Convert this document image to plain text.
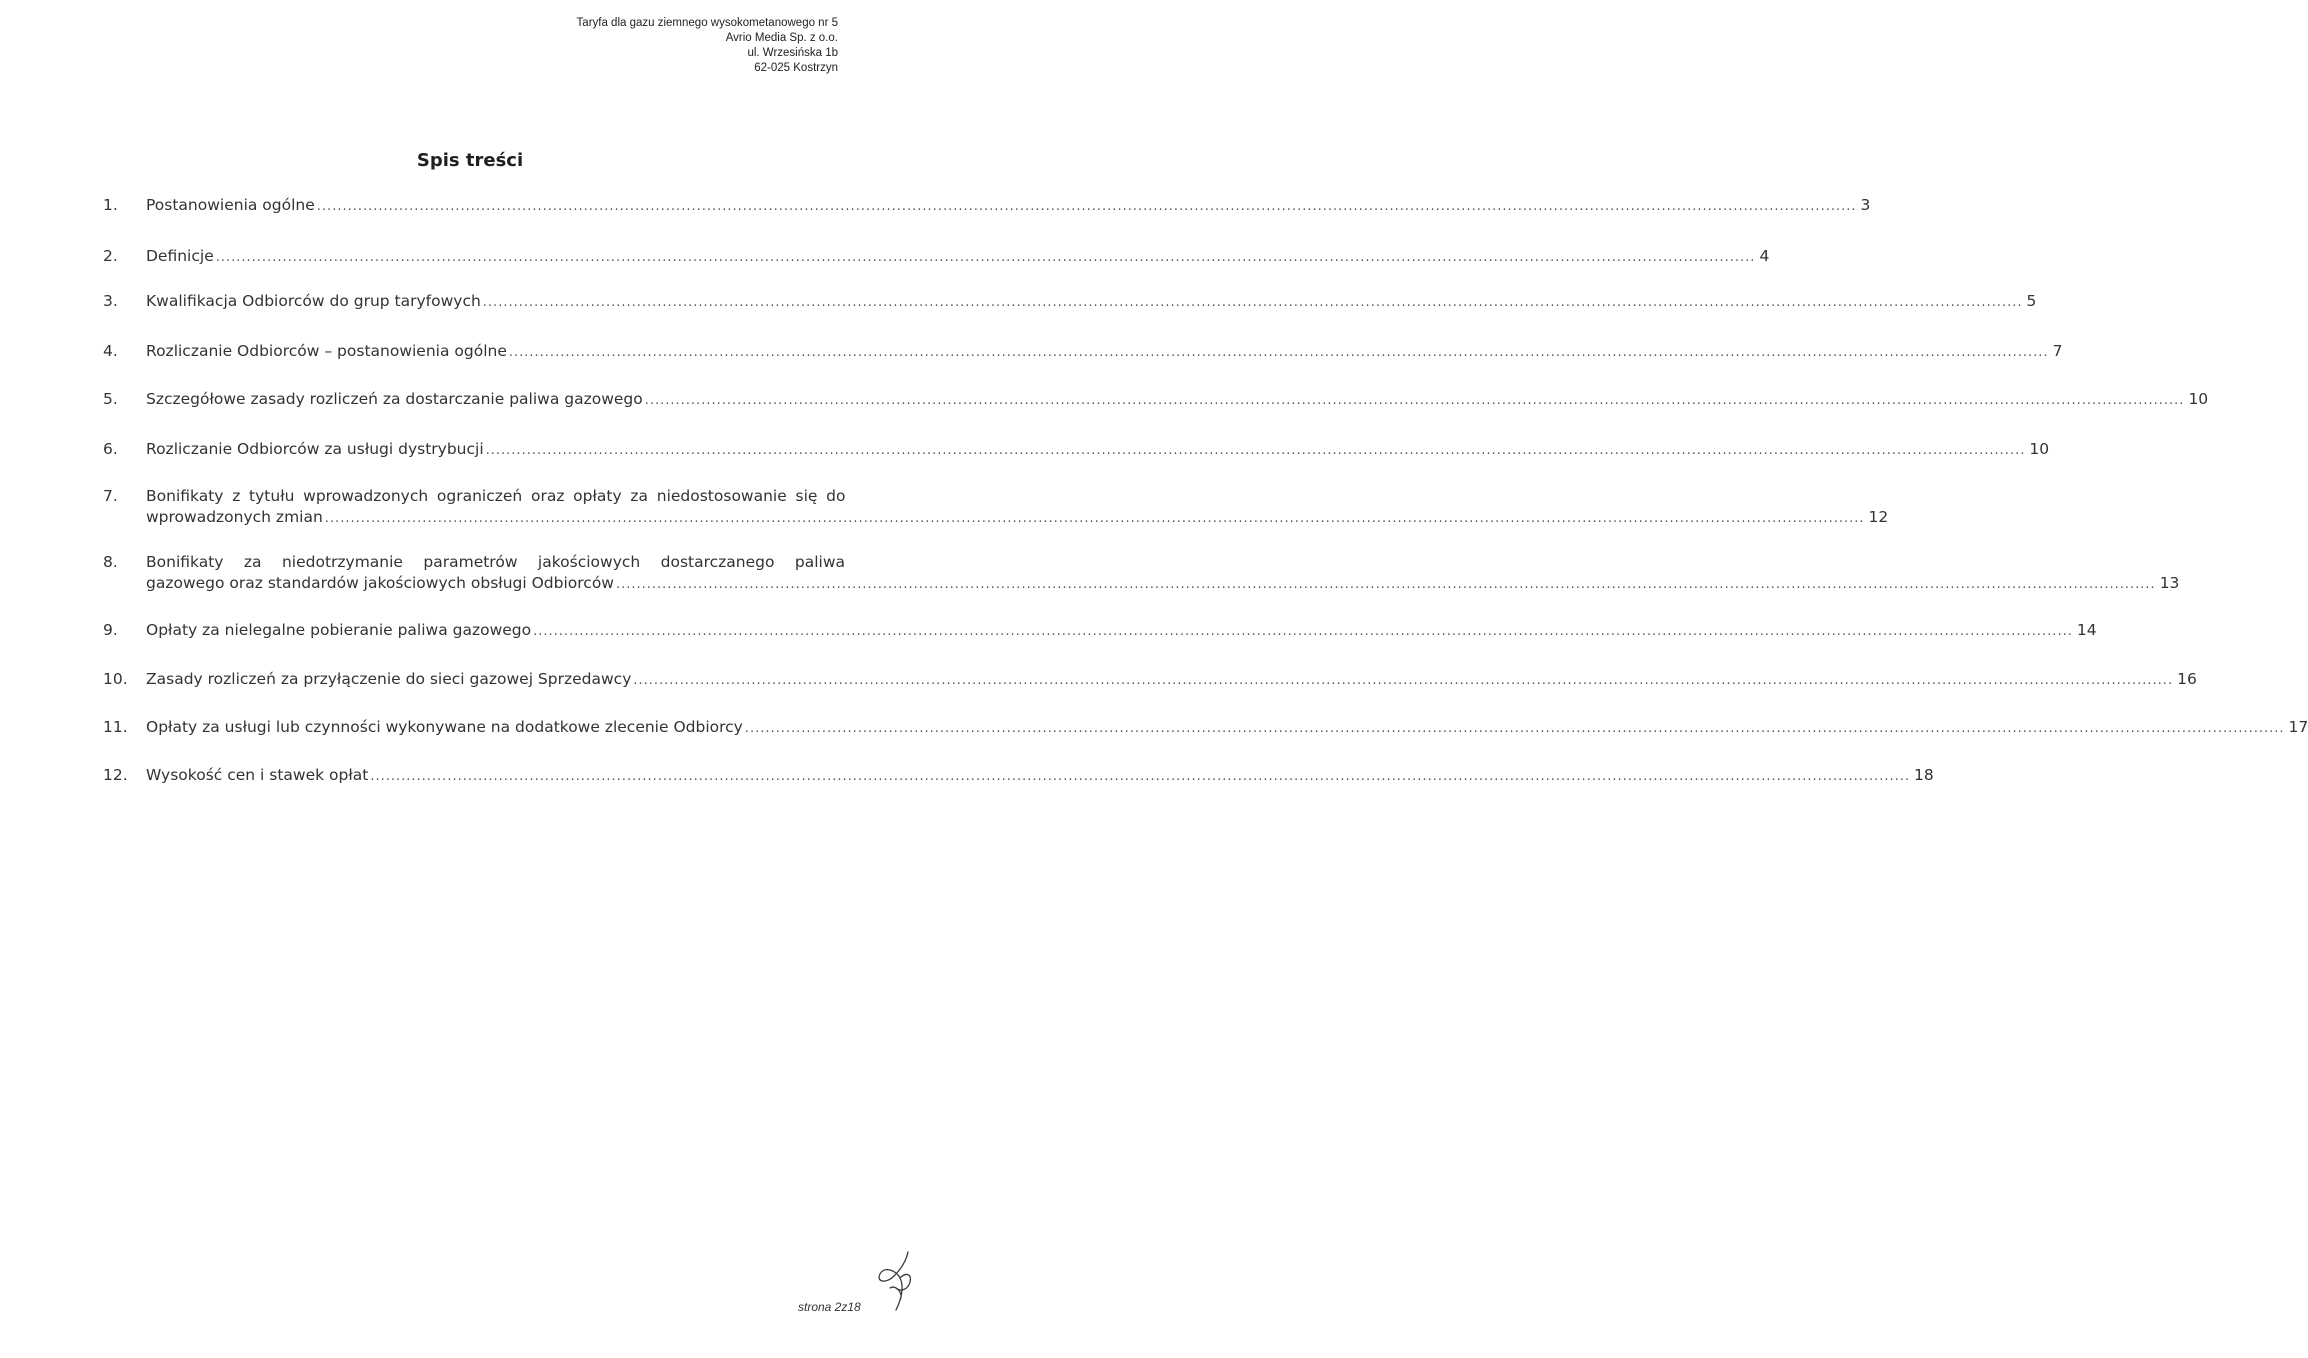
Taryfa dla gazu ziemnego wysokometanowego nr 5
Avrio Media Sp. z o.o.
ul. Wrzesińska 1b
62-025 Kostrzyn
Spis treści
1. Postanowienia ogólne ............................................................................................................................................................................................................................................................................................................ 3
2. Definicje ............................................................................................................................................................................................................................................................................................................ 4
3. Kwalifikacja Odbiorców do grup taryfowych ............................................................................................................................................................................................................................................................................................................ 5
4. Rozliczanie Odbiorców – postanowienia ogólne ............................................................................................................................................................................................................................................................................................................ 7
5. Szczegółowe zasady rozliczeń za dostarczanie paliwa gazowego ............................................................................................................................................................................................................................................................................................................ 10
6. Rozliczanie Odbiorców za usługi dystrybucji ............................................................................................................................................................................................................................................................................................................ 10
7. Bonifikaty z tytułu wprowadzonych ograniczeń oraz opłaty za niedostosowanie się do
wprowadzonych zmian ............................................................................................................................................................................................................................................................................................................ 12
8. Bonifikaty za niedotrzymanie parametrów jakościowych dostarczanego paliwa
gazowego oraz standardów jakościowych obsługi Odbiorców ............................................................................................................................................................................................................................................................................................................ 13
9. Opłaty za nielegalne pobieranie paliwa gazowego ............................................................................................................................................................................................................................................................................................................ 14
10. Zasady rozliczeń za przyłączenie do sieci gazowej Sprzedawcy ............................................................................................................................................................................................................................................................................................................ 16
11. Opłaty za usługi lub czynności wykonywane na dodatkowe zlecenie Odbiorcy ............................................................................................................................................................................................................................................................................................................ 17
12. Wysokość cen i stawek opłat ............................................................................................................................................................................................................................................................................................................ 18
strona 2z18
